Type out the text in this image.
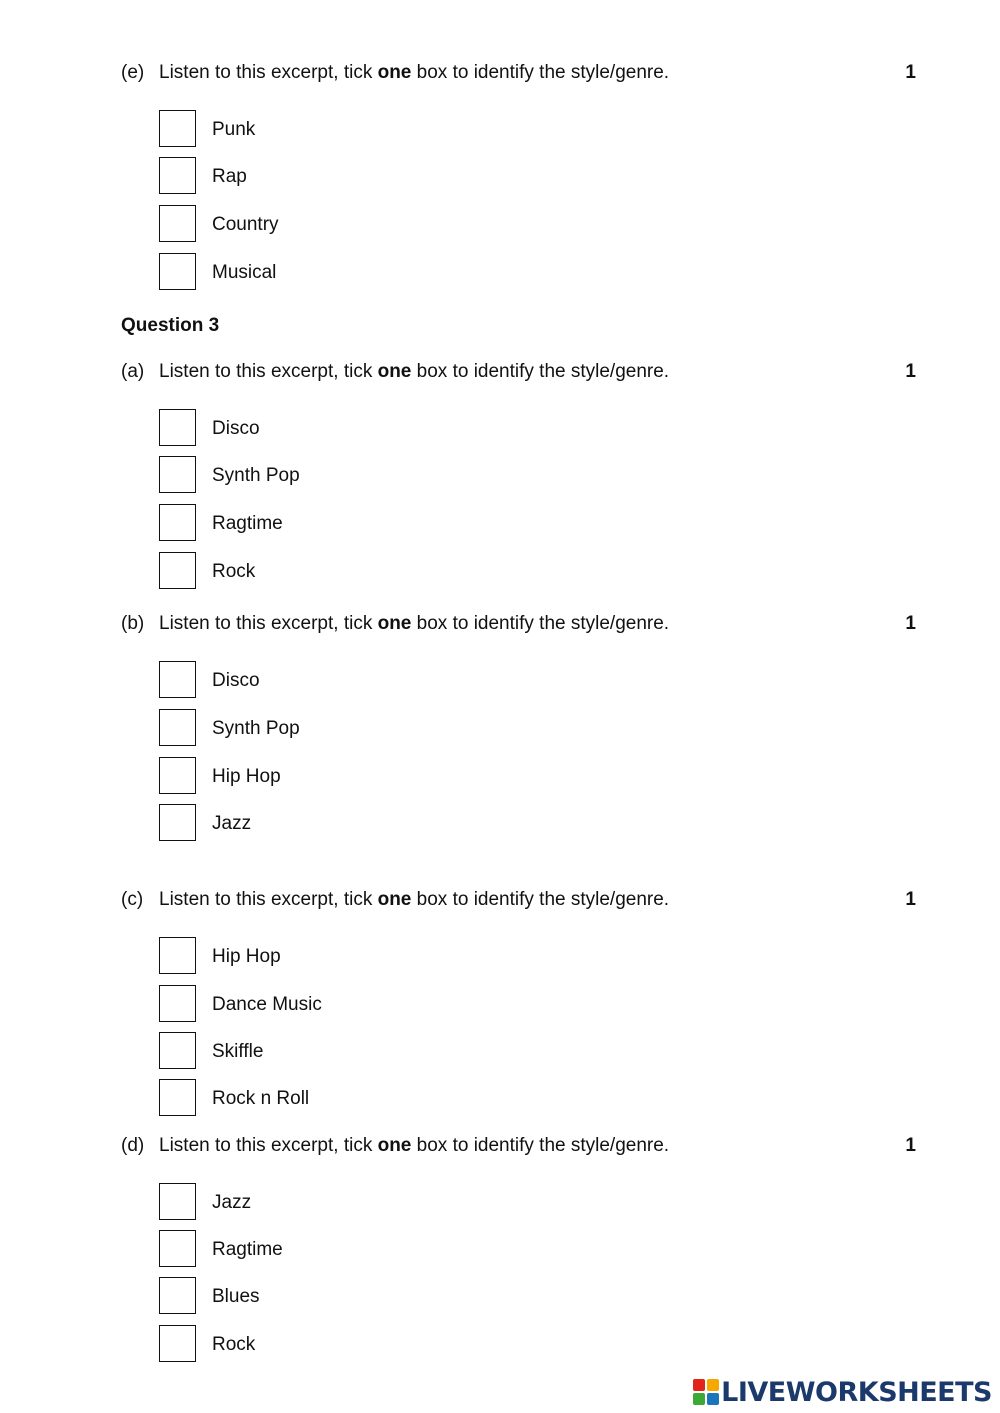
(e) Listen to this excerpt, tick one box to identify the style/genre.	1
Punk
Rap
Country
Musical
Question 3
(a) Listen to this excerpt, tick one box to identify the style/genre.	1
Disco
Synth Pop
Ragtime
Rock
(b) Listen to this excerpt, tick one box to identify the style/genre.	1
Disco
Synth Pop
Hip Hop
Jazz
(c) Listen to this excerpt, tick one box to identify the style/genre.	1
Hip Hop
Dance Music
Skiffle
Rock n Roll
(d) Listen to this excerpt, tick one box to identify the style/genre.	1
Jazz
Ragtime
Blues
Rock
LIVEWORKSHEETS
